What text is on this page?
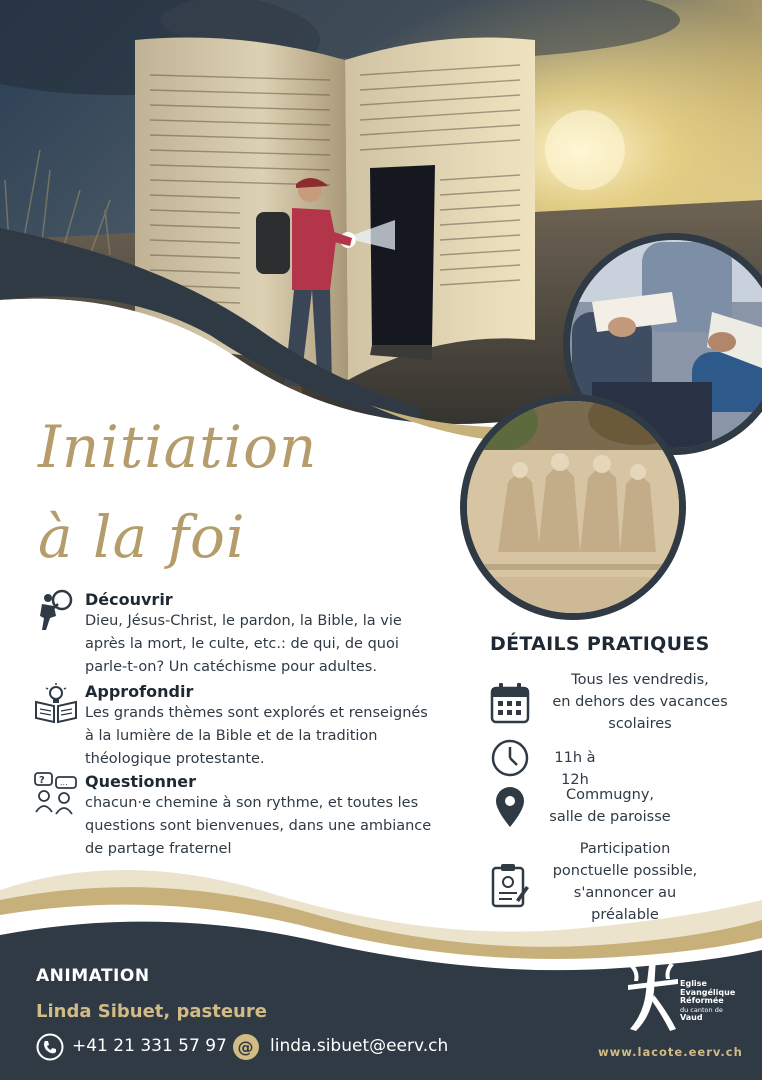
Initiation
à la foi
Découvrir
Dieu, Jésus-Christ, le pardon, la Bible, la vie
après la mort, le culte, etc.: de qui, de quoi
parle-t-on? Un catéchisme pour adultes.
Approfondir
Les grands thèmes sont explorés et renseignés
à la lumière de la Bible et de la tradition
théologique protestante.
? ... Questionner
chacun·e chemine à son rythme, et toutes les
questions sont bienvenues, dans une ambiance
de partage fraternel
DÉTAILS PRATIQUES
Tous les vendredis,
en dehors des vacances
scolaires
11h à 12h
Commugny,
salle de paroisse
Participation
ponctuelle possible,
s'annoncer au
préalable
ANIMATION
Linda Sibuet, pasteure
+41 21 331 57 97 @ linda.sibuet@eerv.ch
Eglise
Evangélique
Réformée
du canton de
Vaud
www.lacote.eerv.ch
